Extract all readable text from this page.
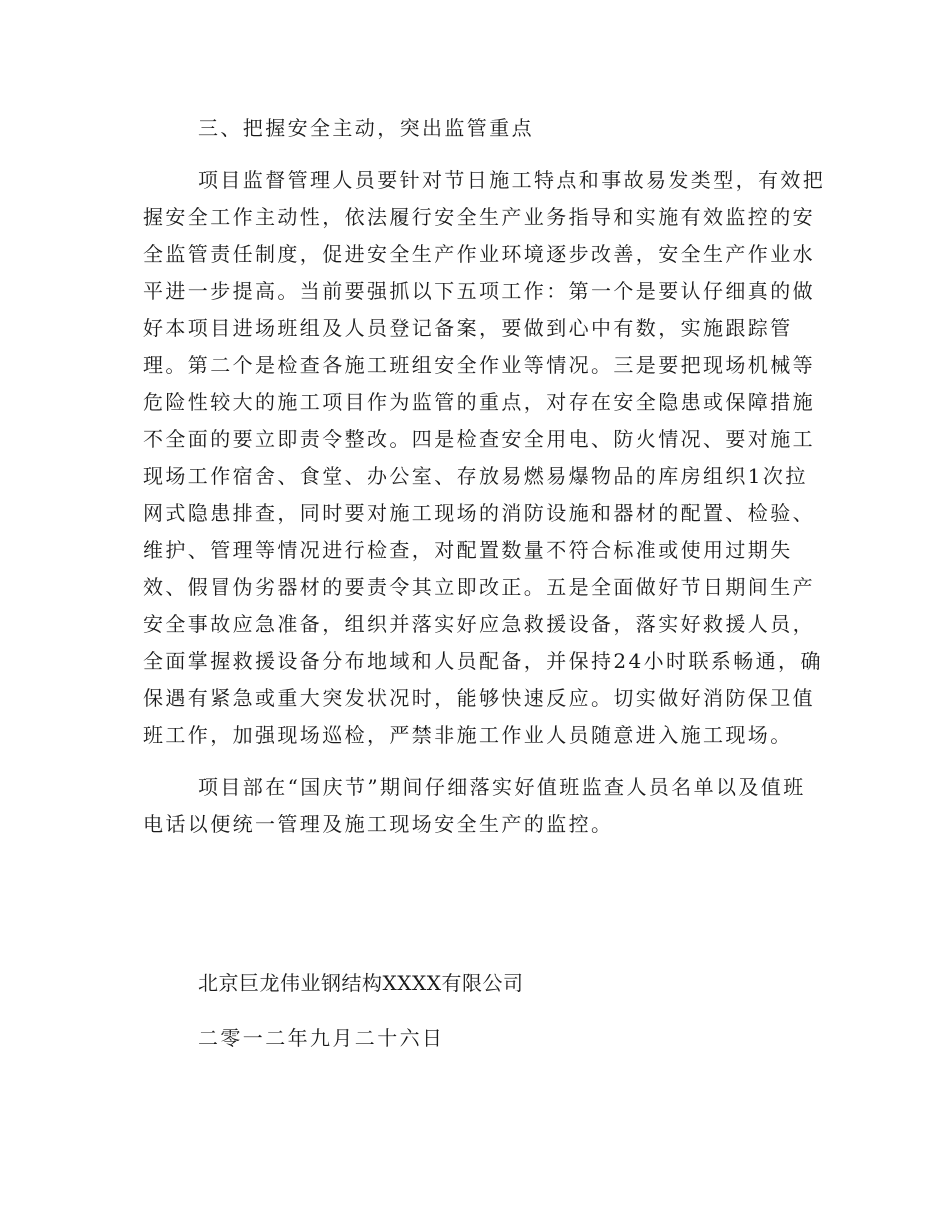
三、把握安全主动，突出监管重点

项目监督管理人员要针对节日施工特点和事故易发类型，有效把

握安全工作主动性，依法履行安全生产业务指导和实施有效监控的安

全监管责任制度，促进安全生产作业环境逐步改善，安全生产作业水

平进一步提高。当前要强抓以下五项工作：第一个是要认仔细真的做

好本项目进场班组及人员登记备案，要做到心中有数，实施跟踪管

理。第二个是检查各施工班组安全作业等情况。三是要把现场机械等

危险性较大的施工项目作为监管的重点，对存在安全隐患或保障措施

不全面的要立即责令整改。四是检查安全用电、防火情况、要对施工

现场工作宿舍、食堂、办公室、存放易燃易爆物品的库房组织1次拉

网式隐患排查，同时要对施工现场的消防设施和器材的配置、检验、

维护、管理等情况进行检查，对配置数量不符合标准或使用过期失

效、假冒伪劣器材的要责令其立即改正。五是全面做好节日期间生产

安全事故应急准备，组织并落实好应急救援设备，落实好救援人员，

全面掌握救援设备分布地域和人员配备，并保持24小时联系畅通，确

保遇有紧急或重大突发状况时，能够快速反应。切实做好消防保卫值

班工作，加强现场巡检，严禁非施工作业人员随意进入施工现场。

项目部在“国庆节”期间仔细落实好值班监查人员名单以及值班

电话以便统一管理及施工现场安全生产的监控。

北京巨龙伟业钢结构XXXX有限公司

二零一二年九月二十六日
